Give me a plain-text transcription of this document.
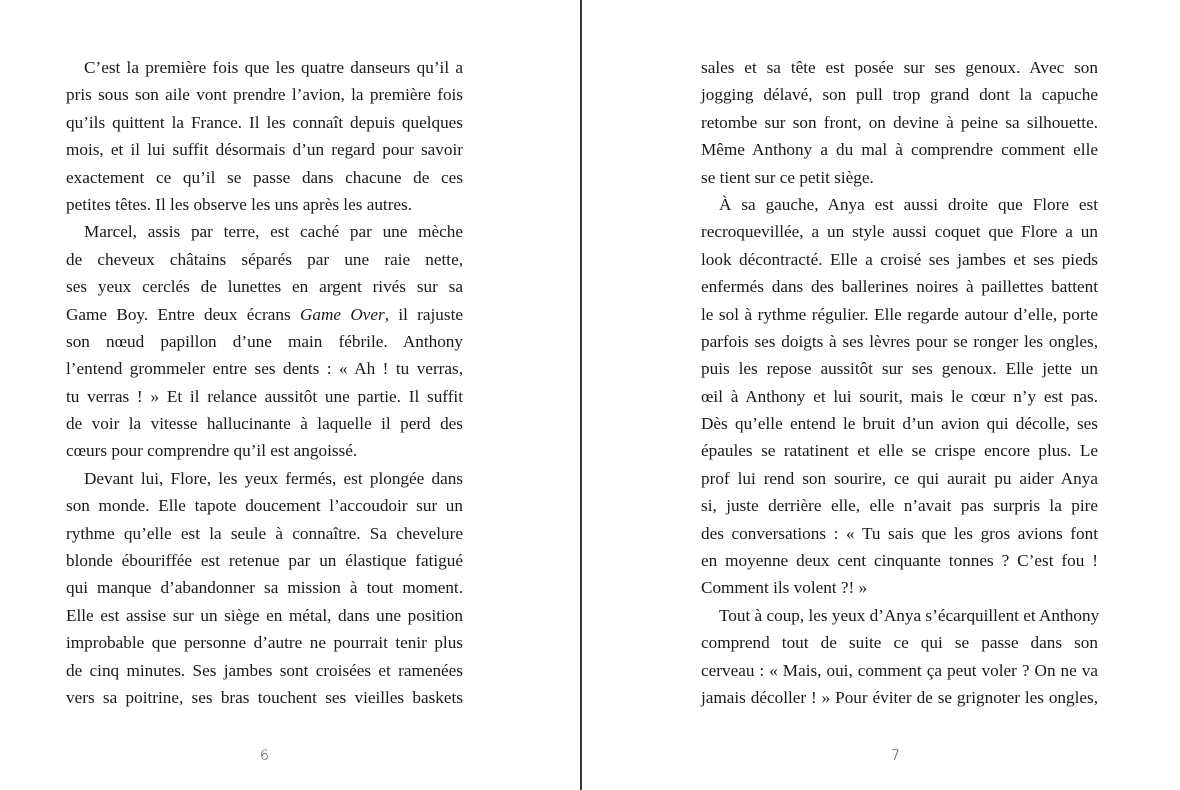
C’est la première fois que les quatre danseurs qu’il a
pris sous son aile vont prendre l’avion, la première fois
qu’ils quittent la France. Il les connaît depuis quelques
mois, et il lui suffit désormais d’un regard pour savoir
exactement ce qu’il se passe dans chacune de ces
petites têtes. Il les observe les uns après les autres.

Marcel, assis par terre, est caché par une mèche
de cheveux châtains séparés par une raie nette,
ses yeux cerclés de lunettes en argent rivés sur sa
Game Boy. Entre deux écrans Game Over, il rajuste
son nœud papillon d’une main fébrile. Anthony
l’entend grommeler entre ses dents : « Ah ! tu verras,
tu verras ! » Et il relance aussitôt une partie. Il suffit
de voir la vitesse hallucinante à laquelle il perd des
cœurs pour comprendre qu’il est angoissé.

Devant lui, Flore, les yeux fermés, est plongée dans
son monde. Elle tapote doucement l’accoudoir sur un
rythme qu’elle est la seule à connaître. Sa chevelure
blonde ébouriffée est retenue par un élastique fatigué
qui manque d’abandonner sa mission à tout moment.
Elle est assise sur un siège en métal, dans une position
improbable que personne d’autre ne pourrait tenir plus
de cinq minutes. Ses jambes sont croisées et ramenées
vers sa poitrine, ses bras touchent ses vieilles baskets

6

sales et sa tête est posée sur ses genoux. Avec son
jogging délavé, son pull trop grand dont la capuche
retombe sur son front, on devine à peine sa silhouette.
Même Anthony a du mal à comprendre comment elle
se tient sur ce petit siège.

À sa gauche, Anya est aussi droite que Flore est
recroquevillée, a un style aussi coquet que Flore a un
look décontracté. Elle a croisé ses jambes et ses pieds
enfermés dans des ballerines noires à paillettes battent
le sol à rythme régulier. Elle regarde autour d’elle, porte
parfois ses doigts à ses lèvres pour se ronger les ongles,
puis les repose aussitôt sur ses genoux. Elle jette un
œil à Anthony et lui sourit, mais le cœur n’y est pas.
Dès qu’elle entend le bruit d’un avion qui décolle, ses
épaules se ratatinent et elle se crispe encore plus. Le
prof lui rend son sourire, ce qui aurait pu aider Anya
si, juste derrière elle, elle n’avait pas surpris la pire
des conversations : « Tu sais que les gros avions font
en moyenne deux cent cinquante tonnes ? C’est fou !
Comment ils volent ?! »

Tout à coup, les yeux d’Anya s’écarquillent et Anthony
comprend tout de suite ce qui se passe dans son
cerveau : « Mais, oui, comment ça peut voler ? On ne va
jamais décoller ! » Pour éviter de se grignoter les ongles,

7
